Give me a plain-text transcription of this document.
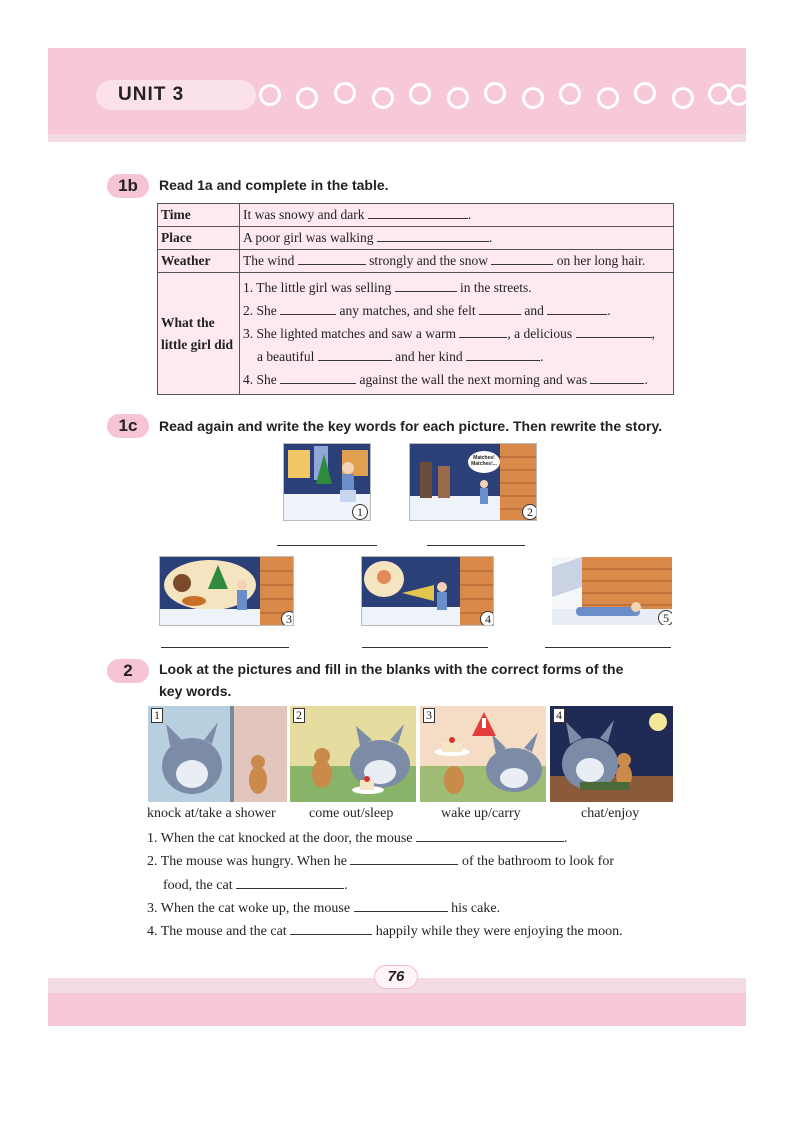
UNIT 3
1b	Read 1a and complete in the table.
Time	It was snowy and dark .
Place	A poor girl was walking .
Weather	The wind strongly and the snow on her long hair.
What the little girl did	1. The little girl was selling in the streets.
2. She any matches, and she felt and .
3. She lighted matches and saw a warm , a delicious ,
a beautiful and her kind .
4. She against the wall the next morning and was .
1c	Read again and write the key words for each picture. Then rewrite the story.
1
Matches! Matches!...
2
3	4	5
2	Look at the pictures and fill in the blanks with the correct forms of the
key words.
1	2	3	4
knock at/take a shower come out/sleep	wake up/carry	chat/enjoy
1. When the cat knocked at the door, the mouse	.
2. The mouse was hungry. When he	of the bathroom to look for
food, the cat	.
3. When the cat woke up, the mouse	his cake.
4. The mouse and the cat	happily while they were enjoying the moon.
76
